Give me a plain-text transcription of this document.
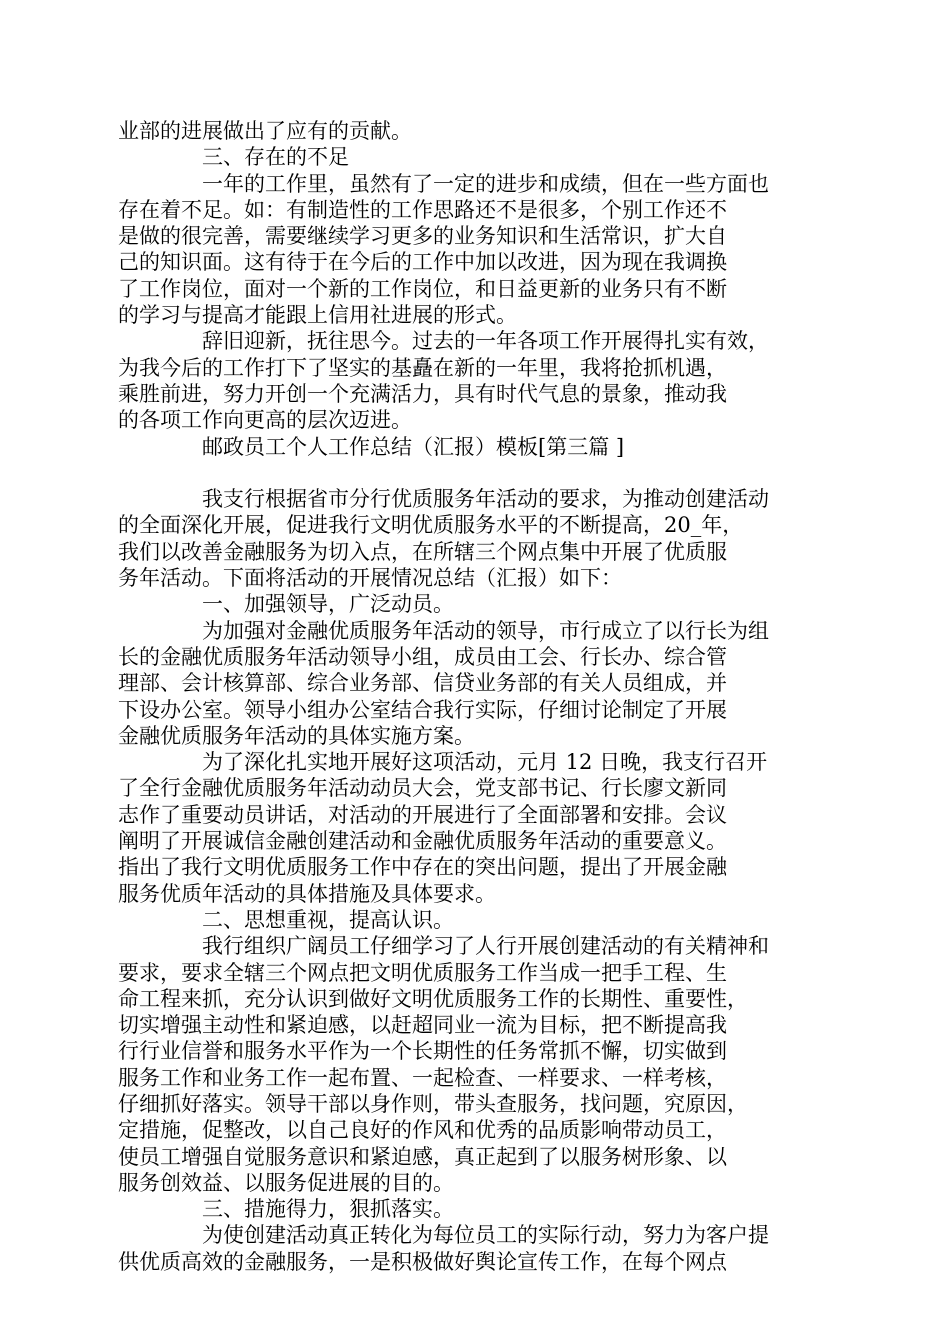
业部的进展做出了应有的贡献。
三、存在的不足
一年的工作里，虽然有了一定的进步和成绩，但在一些方面也
存在着不足。如：有制造性的工作思路还不是很多，个别工作还不
是做的很完善，需要继续学习更多的业务知识和生活常识，扩大自
己的知识面。这有待于在今后的工作中加以改进，因为现在我调换
了工作岗位，面对一个新的工作岗位，和日益更新的业务只有不断
的学习与提高才能跟上信用社进展的形式。
辞旧迎新，抚往思今。过去的一年各项工作开展得扎实有效，
为我今后的工作打下了坚实的基矗在新的一年里，我将抢抓机遇，
乘胜前进，努力开创一个充满活力，具有时代气息的景象，推动我
的各项工作向更高的层次迈进。
邮政员工个人工作总结（汇报）模板[第三篇 ]
我支行根据省市分行优质服务年活动的要求，为推动创建活动
的全面深化开展，促进我行文明优质服务水平的不断提高，20_年，
我们以改善金融服务为切入点，在所辖三个网点集中开展了优质服
务年活动。下面将活动的开展情况总结（汇报）如下：
一、加强领导，广泛动员。
为加强对金融优质服务年活动的领导，市行成立了以行长为组
长的金融优质服务年活动领导小组，成员由工会、行长办、综合管
理部、会计核算部、综合业务部、信贷业务部的有关人员组成，并
下设办公室。领导小组办公室结合我行实际，仔细讨论制定了开展
金融优质服务年活动的具体实施方案。
为了深化扎实地开展好这项活动，元月 12 日晚，我支行召开
了全行金融优质服务年活动动员大会，党支部书记、行长廖文新同
志作了重要动员讲话，对活动的开展进行了全面部署和安排。会议
阐明了开展诚信金融创建活动和金融优质服务年活动的重要意义。
指出了我行文明优质服务工作中存在的突出问题，提出了开展金融
服务优质年活动的具体措施及具体要求。
二、思想重视，提高认识。
我行组织广阔员工仔细学习了人行开展创建活动的有关精神和
要求，要求全辖三个网点把文明优质服务工作当成一把手工程、生
命工程来抓，充分认识到做好文明优质服务工作的长期性、重要性，
切实增强主动性和紧迫感，以赶超同业一流为目标，把不断提高我
行行业信誉和服务水平作为一个长期性的任务常抓不懈，切实做到
服务工作和业务工作一起布置、一起检查、一样要求、一样考核，
仔细抓好落实。领导干部以身作则，带头查服务，找问题，究原因，
定措施，促整改，以自己良好的作风和优秀的品质影响带动员工，
使员工增强自觉服务意识和紧迫感，真正起到了以服务树形象、以
服务创效益、以服务促进展的目的。
三、措施得力，狠抓落实。
为使创建活动真正转化为每位员工的实际行动，努力为客户提
供优质高效的金融服务，一是积极做好舆论宣传工作，在每个网点
